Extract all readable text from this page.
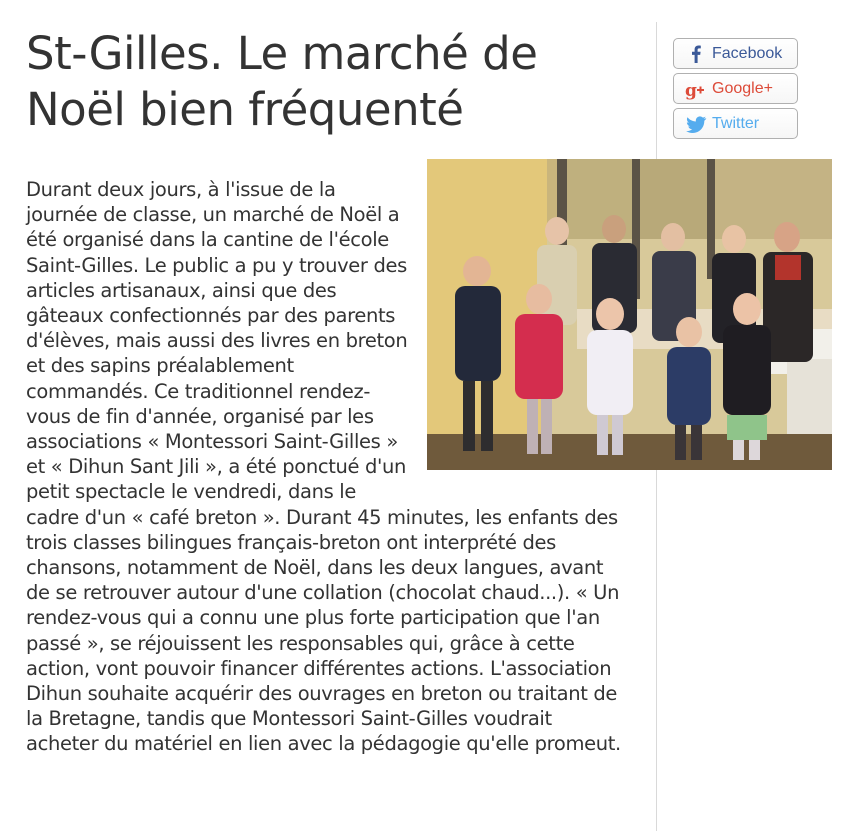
St-Gilles. Le marché de Noël bien fréquenté
Facebook
g Google+
Twitter

Durant deux jours, à l'issue de la journée de classe, un marché de Noël a été organisé dans la cantine de l'école Saint-Gilles. Le public a pu y trouver des articles artisanaux, ainsi que des gâteaux confectionnés par des parents d'élèves, mais aussi des livres en breton et des sapins préalablement commandés. Ce traditionnel rendez-vous de fin d'année, organisé par les associations « Montessori Saint-Gilles » et « Dihun Sant Jili », a été ponctué d'un petit spectacle le vendredi, dans le cadre d'un « café breton ». Durant 45 minutes, les enfants des trois classes bilingues français-breton ont interprété des chansons, notamment de Noël, dans les deux langues, avant de se retrouver autour d'une collation (chocolat chaud...). « Un rendez-vous qui a connu une plus forte participation que l'an passé », se réjouissent les responsables qui, grâce à cette action, vont pouvoir financer différentes actions. L'association Dihun souhaite acquérir des ouvrages en breton ou traitant de la Bretagne, tandis que Montessori Saint-Gilles voudrait acheter du matériel en lien avec la pédagogie qu'elle promeut.
